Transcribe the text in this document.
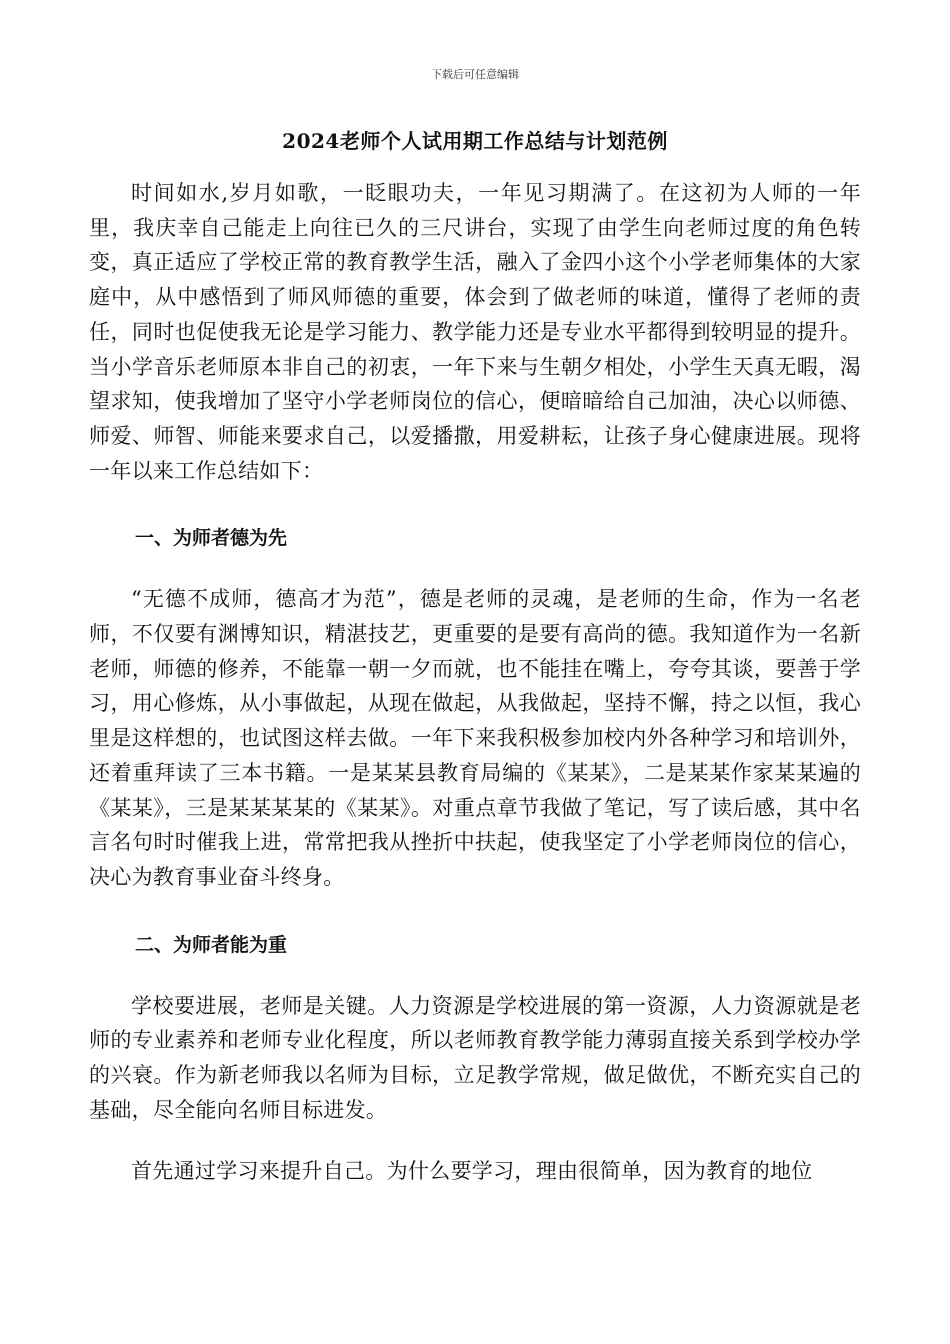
下载后可任意编辑
2024老师个人试用期工作总结与计划范例

时间如水,岁月如歌，一眨眼功夫，一年见习期满了。在这初为人师的一年里，我庆幸自己能走上向往已久的三尺讲台，实现了由学生向老师过度的角色转变，真正适应了学校正常的教育教学生活，融入了金四小这个小学老师集体的大家庭中，从中感悟到了师风师德的重要，体会到了做老师的味道，懂得了老师的责任，同时也促使我无论是学习能力、教学能力还是专业水平都得到较明显的提升。当小学音乐老师原本非自己的初衷，一年下来与生朝夕相处，小学生天真无暇，渴望求知，使我增加了坚守小学老师岗位的信心，便暗暗给自己加油，决心以师德、师爱、师智、师能来要求自己，以爱播撒，用爱耕耘，让孩子身心健康进展。现将一年以来工作总结如下：

一、为师者德为先

“无德不成师，德高才为范”，德是老师的灵魂，是老师的生命，作为一名老师，不仅要有渊博知识，精湛技艺，更重要的是要有高尚的德。我知道作为一名新老师，师德的修养，不能靠一朝一夕而就，也不能挂在嘴上，夸夸其谈，要善于学习，用心修炼，从小事做起，从现在做起，从我做起，坚持不懈，持之以恒，我心里是这样想的，也试图这样去做。一年下来我积极参加校内外各种学习和培训外，还着重拜读了三本书籍。一是某某县教育局编的《某某》，二是某某作家某某遍的《某某》，三是某某某某的《某某》。对重点章节我做了笔记，写了读后感，其中名言名句时时催我上进，常常把我从挫折中扶起，使我坚定了小学老师岗位的信心，决心为教育事业奋斗终身。

二、为师者能为重

学校要进展，老师是关键。人力资源是学校进展的第一资源，人力资源就是老师的专业素养和老师专业化程度，所以老师教育教学能力薄弱直接关系到学校办学的兴衰。作为新老师我以名师为目标，立足教学常规，做足做优，不断充实自己的基础，尽全能向名师目标进发。

首先通过学习来提升自己。为什么要学习，理由很简单，因为教育的地位
